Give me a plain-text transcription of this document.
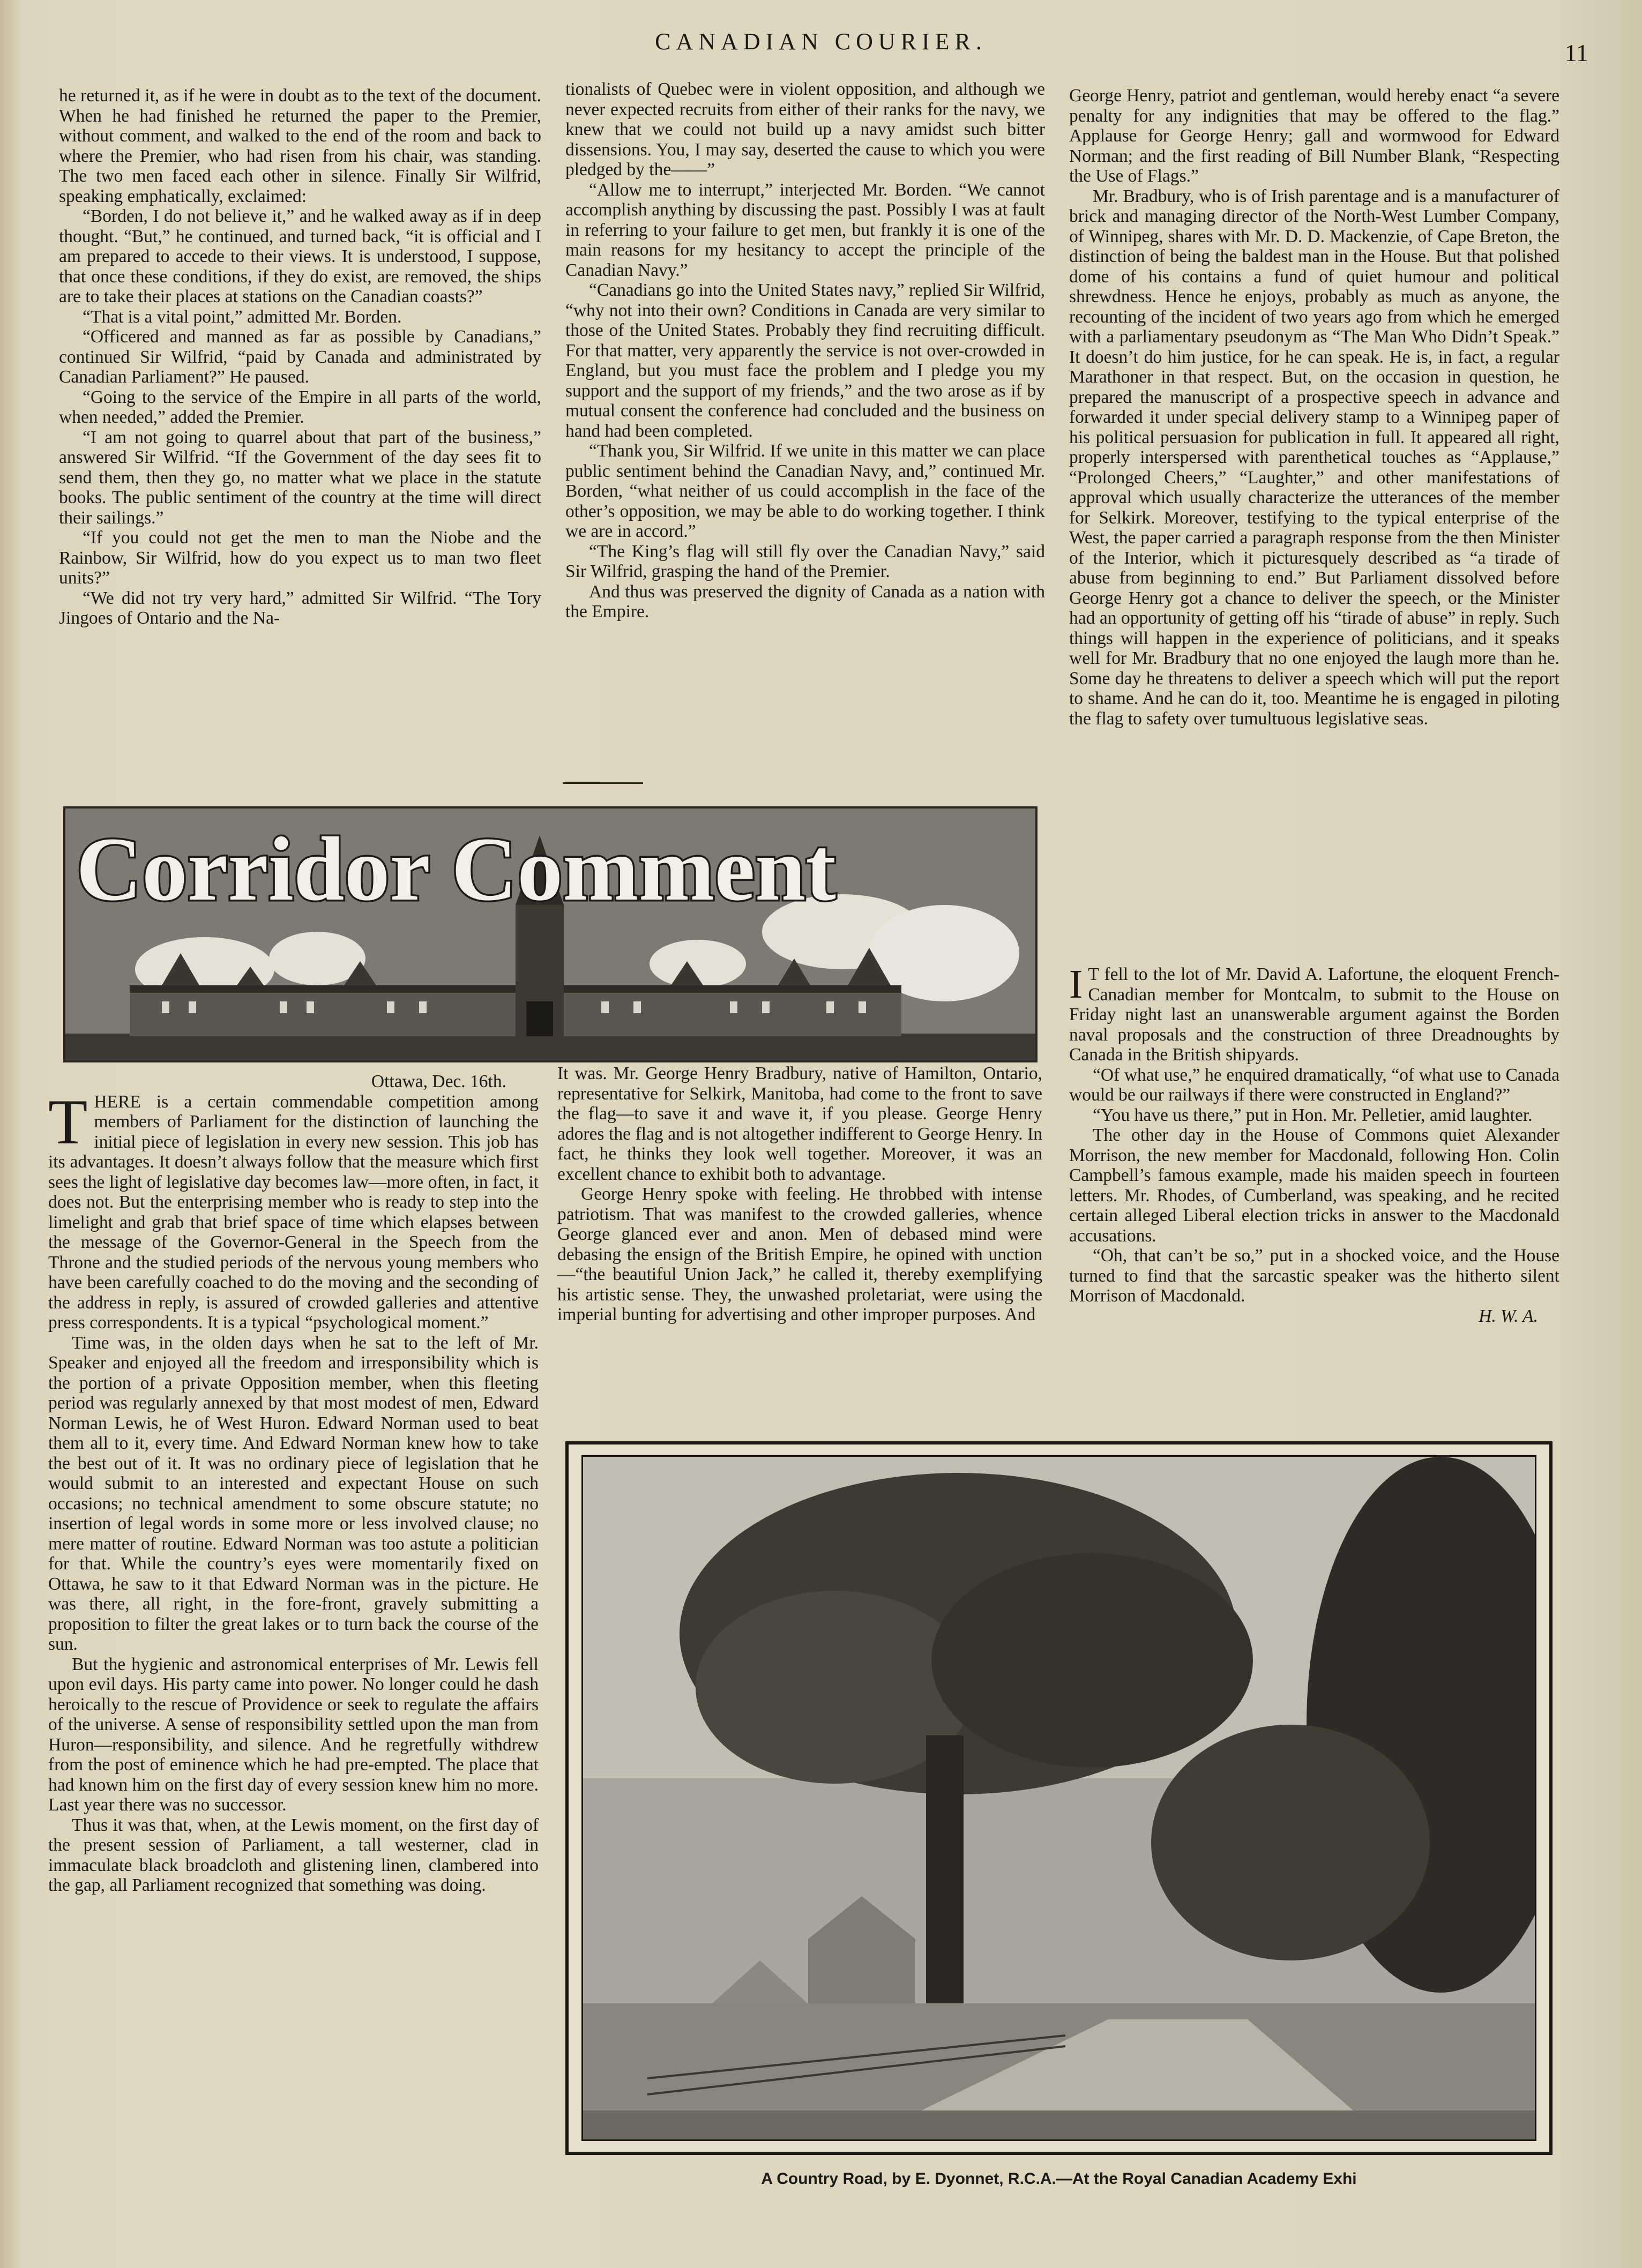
CANADIAN COURIER.	11

he returned it, as if he were in doubt as to the text of the document. When he had finished he returned the paper to the Premier, without comment, and walked to the end of the room and back to where the Premier, who had risen from his chair, was standing. The two men faced each other in silence. Finally Sir Wilfrid, speaking emphatically, exclaimed:

“Borden, I do not believe it,” and he walked away as if in deep thought. “But,” he continued, and turned back, “it is official and I am prepared to accede to their views. It is understood, I suppose, that once these conditions, if they do exist, are removed, the ships are to take their places at stations on the Canadian coasts?”

“That is a vital point,” admitted Mr. Borden.

“Officered and manned as far as possible by Canadians,” continued Sir Wilfrid, “paid by Canada and administrated by Canadian Parliament?” He paused.

“Going to the service of the Empire in all parts of the world, when needed,” added the Premier.

“I am not going to quarrel about that part of the business,” answered Sir Wilfrid. “If the Government of the day sees fit to send them, then they go, no matter what we place in the statute books. The public sentiment of the country at the time will direct their sailings.”

“If you could not get the men to man the Niobe and the Rainbow, Sir Wilfrid, how do you expect us to man two fleet units?”

“We did not try very hard,” admitted Sir Wilfrid. “The Tory Jingoes of Ontario and the Na-

tionalists of Quebec were in violent opposition, and although we never expected recruits from either of their ranks for the navy, we knew that we could not build up a navy amidst such bitter dissensions. You, I may say, deserted the cause to which you were pledged by the——”

“Allow me to interrupt,” interjected Mr. Borden. “We cannot accomplish anything by discussing the past. Possibly I was at fault in referring to your failure to get men, but frankly it is one of the main reasons for my hesitancy to accept the principle of the Canadian Navy.”

“Canadians go into the United States navy,” replied Sir Wilfrid, “why not into their own? Conditions in Canada are very similar to those of the United States. Probably they find recruiting difficult. For that matter, very apparently the service is not over-crowded in England, but you must face the problem and I pledge you my support and the support of my friends,” and the two arose as if by mutual consent the conference had concluded and the business on hand had been completed.

“Thank you, Sir Wilfrid. If we unite in this matter we can place public sentiment behind the Canadian Navy, and,” continued Mr. Borden, “what neither of us could accomplish in the face of the other’s opposition, we may be able to do working together. I think we are in accord.”

“The King’s flag will still fly over the Canadian Navy,” said Sir Wilfrid, grasping the hand of the Premier.

And thus was preserved the dignity of Canada as a nation with the Empire.

George Henry, patriot and gentleman, would hereby enact “a severe penalty for any indignities that may be offered to the flag.” Applause for George Henry; gall and wormwood for Edward Norman; and the first reading of Bill Number Blank, “Respecting the Use of Flags.”

Mr. Bradbury, who is of Irish parentage and is a manufacturer of brick and managing director of the North-West Lumber Company, of Winnipeg, shares with Mr. D. D. Mackenzie, of Cape Breton, the distinction of being the baldest man in the House. But that polished dome of his contains a fund of quiet humour and political shrewdness. Hence he enjoys, probably as much as anyone, the recounting of the incident of two years ago from which he emerged with a parliamentary pseudonym as “The Man Who Didn’t Speak.” It doesn’t do him justice, for he can speak. He is, in fact, a regular Marathoner in that respect. But, on the occasion in question, he prepared the manuscript of a prospective speech in advance and forwarded it under special delivery stamp to a Winnipeg paper of his political persuasion for publication in full. It appeared all right, properly interspersed with parenthetical touches as “Applause,” “Prolonged Cheers,” “Laughter,” and other manifestations of approval which usually characterize the utterances of the member for Selkirk. Moreover, testifying to the typical enterprise of the West, the paper carried a paragraph response from the then Minister of the Interior, which it picturesquely described as “a tirade of abuse from beginning to end.” But Parliament dissolved before George Henry got a chance to deliver the speech, or the Minister had an opportunity of getting off his “tirade of abuse” in reply. Such things will happen in the experience of politicians, and it speaks well for Mr. Bradbury that no one enjoyed the laugh more than he. Some day he threatens to deliver a speech which will put the report to shame. And he can do it, too. Meantime he is engaged in piloting the flag to safety over tumultuous legislative seas.

Corridor Comment

Ottawa, Dec. 16th.

THERE is a certain commendable competition among members of Parliament for the distinction of launching the initial piece of legislation in every new session. This job has its advantages. It doesn’t always follow that the measure which first sees the light of legislative day becomes law—more often, in fact, it does not. But the enterprising member who is ready to step into the limelight and grab that brief space of time which elapses between the message of the Governor-General in the Speech from the Throne and the studied periods of the nervous young members who have been carefully coached to do the moving and the seconding of the address in reply, is assured of crowded galleries and attentive press correspondents. It is a typical “psychological moment.”

Time was, in the olden days when he sat to the left of Mr. Speaker and enjoyed all the freedom and irresponsibility which is the portion of a private Opposition member, when this fleeting period was regularly annexed by that most modest of men, Edward Norman Lewis, he of West Huron. Edward Norman used to beat them all to it, every time. And Edward Norman knew how to take the best out of it. It was no ordinary piece of legislation that he would submit to an interested and expectant House on such occasions; no technical amendment to some obscure statute; no insertion of legal words in some more or less involved clause; no mere matter of routine. Edward Norman was too astute a politician for that. While the country’s eyes were momentarily fixed on Ottawa, he saw to it that Edward Norman was in the picture. He was there, all right, in the fore-front, gravely submitting a proposition to filter the great lakes or to turn back the course of the sun.

But the hygienic and astronomical enterprises of Mr. Lewis fell upon evil days. His party came into power. No longer could he dash heroically to the rescue of Providence or seek to regulate the affairs of the universe. A sense of responsibility settled upon the man from Huron—responsibility, and silence. And he regretfully withdrew from the post of eminence which he had pre-empted. The place that had known him on the first day of every session knew him no more. Last year there was no successor.

Thus it was that, when, at the Lewis moment, on the first day of the present session of Parliament, a tall westerner, clad in immaculate black broadcloth and glistening linen, clambered into the gap, all Parliament recognized that something was doing.

It was. Mr. George Henry Bradbury, native of Hamilton, Ontario, representative for Selkirk, Manitoba, had come to the front to save the flag—to save it and wave it, if you please. George Henry adores the flag and is not altogether indifferent to George Henry. In fact, he thinks they look well together. Moreover, it was an excellent chance to exhibit both to advantage.

George Henry spoke with feeling. He throbbed with intense patriotism. That was manifest to the crowded galleries, whence George glanced ever and anon. Men of debased mind were debasing the ensign of the British Empire, he opined with unction —“the beautiful Union Jack,” he called it, thereby exemplifying his artistic sense. They, the unwashed proletariat, were using the imperial bunting for advertising and other improper purposes. And

I T fell to the lot of Mr. David A. Lafortune, the eloquent French-Canadian member for Montcalm, to submit to the House on Friday night last an unanswerable argument against the Borden naval proposals and the construction of three Dreadnoughts by Canada in the British shipyards.

“Of what use,” he enquired dramatically, “of what use to Canada would be our railways if there were constructed in England?”

“You have us there,” put in Hon. Mr. Pelletier, amid laughter.

The other day in the House of Commons quiet Alexander Morrison, the new member for Macdonald, following Hon. Colin Campbell’s famous example, made his maiden speech in fourteen letters. Mr. Rhodes, of Cumberland, was speaking, and he recited certain alleged Liberal election tricks in answer to the Macdonald accusations.

“Oh, that can’t be so,” put in a shocked voice, and the House turned to find that the sarcastic speaker was the hitherto silent Morrison of Macdonald.

H. W. A.

A Country Road, by E. Dyonnet, R.C.A.—At the Royal Canadian Academy Exhi
